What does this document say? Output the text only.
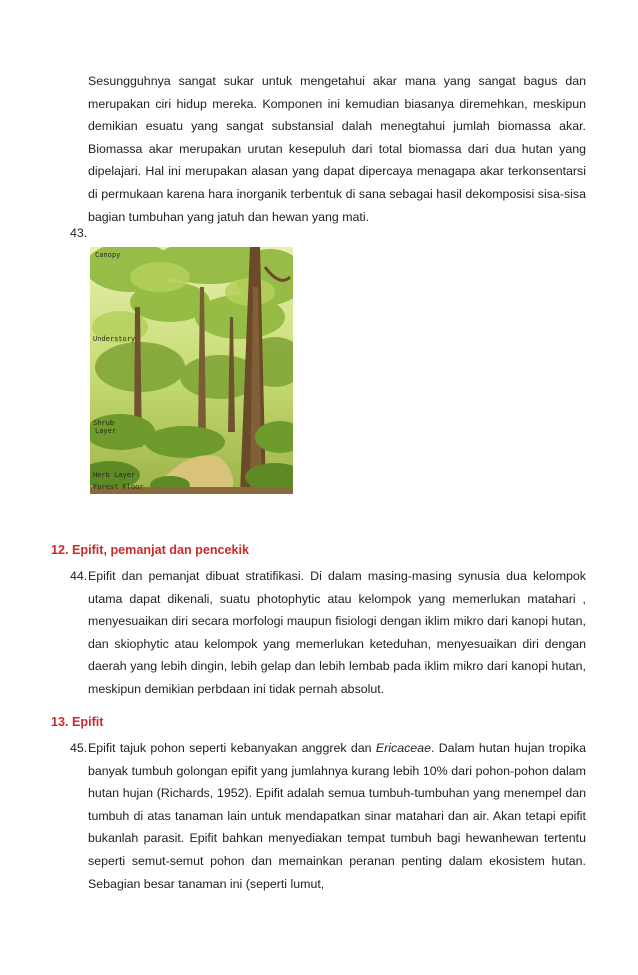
Sesungguhnya sangat sukar untuk mengetahui akar mana yang sangat bagus dan merupakan ciri hidup mereka. Komponen ini kemudian biasanya diremehkan, meskipun demikian esuatu yang sangat substansial dalah menegtahui jumlah biomassa akar. Biomassa akar merupakan urutan kesepuluh dari total biomassa dari dua hutan yang dipelajari. Hal ini merupakan alasan yang dapat dipercaya menagapa akar terkonsentarsi di permukaan karena hara inorganik terbentuk di sana sebagai hasil dekomposisi sisa-sisa bagian tumbuhan yang jatuh dan hewan yang mati.

43.
Canopy
Understory
Shrub
Layer
Herb Layer
Forest Floor
12. Epifit, pemanjat dan pencekik
44. Epifit dan pemanjat dibuat stratifikasi. Di dalam masing-masing synusia dua kelompok utama dapat dikenali, suatu photophytic atau kelompok yang memerlukan matahari , menyesuaikan diri secara morfologi maupun fisiologi dengan iklim mikro dari kanopi hutan, dan skiophytic atau kelompok yang memerlukan keteduhan, menyesuaikan diri dengan daerah yang lebih dingin, lebih gelap dan lebih lembab pada iklim mikro dari kanopi hutan, meskipun demikian perbdaan ini tidak pernah absolut.

13. Epifit
45. Epifit tajuk pohon seperti kebanyakan anggrek dan Ericaceae. Dalam hutan hujan tropika banyak tumbuh golongan epifit yang jumlahnya kurang lebih 10% dari pohon-pohon dalam hutan hujan (Richards, 1952). Epifit adalah semua tumbuh-tumbuhan yang menempel dan tumbuh di atas tanaman lain untuk mendapatkan sinar matahari dan air. Akan tetapi epifit bukanlah parasit. Epifit bahkan menyediakan tempat tumbuh bagi hewanhewan tertentu seperti semut-semut pohon dan memainkan peranan penting dalam ekosistem hutan. Sebagian besar tanaman ini (seperti lumut,
